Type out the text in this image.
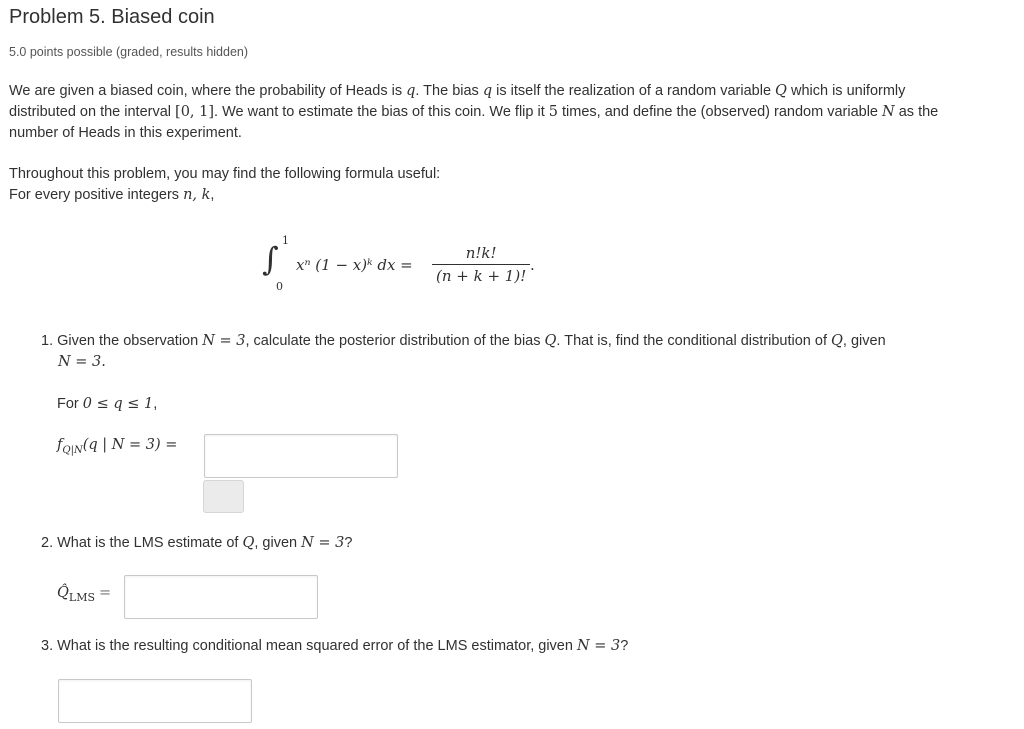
Problem 5. Biased coin
5.0 points possible (graded, results hidden)
We are given a biased coin, where the probability of Heads is q. The bias q is itself the realization of a random variable Q which is uniformly
distributed on the interval [0, 1]. We want to estimate the bias of this coin. We flip it 5 times, and define the (observed) random variable N as the
number of Heads in this experiment.
Throughout this problem, you may find the following formula useful:
For every positive integers n, k,
∫ 1
0
xⁿ (1 − x)ᵏ dx = $\frac{n!k!}{(n + k + 1)!}$ .
1. Given the observation N = 3, calculate the posterior distribution of the bias Q. That is, find the conditional distribution of Q, given
N = 3.
For 0 ≤ q ≤ 1,
$f_{Q|N}(q$ | N = 3) =
2. What is the LMS estimate of Q, given N = 3?
$Q̂_{LMS}$ =
3. What is the resulting conditional mean squared error of the LMS estimator, given N = 3?
